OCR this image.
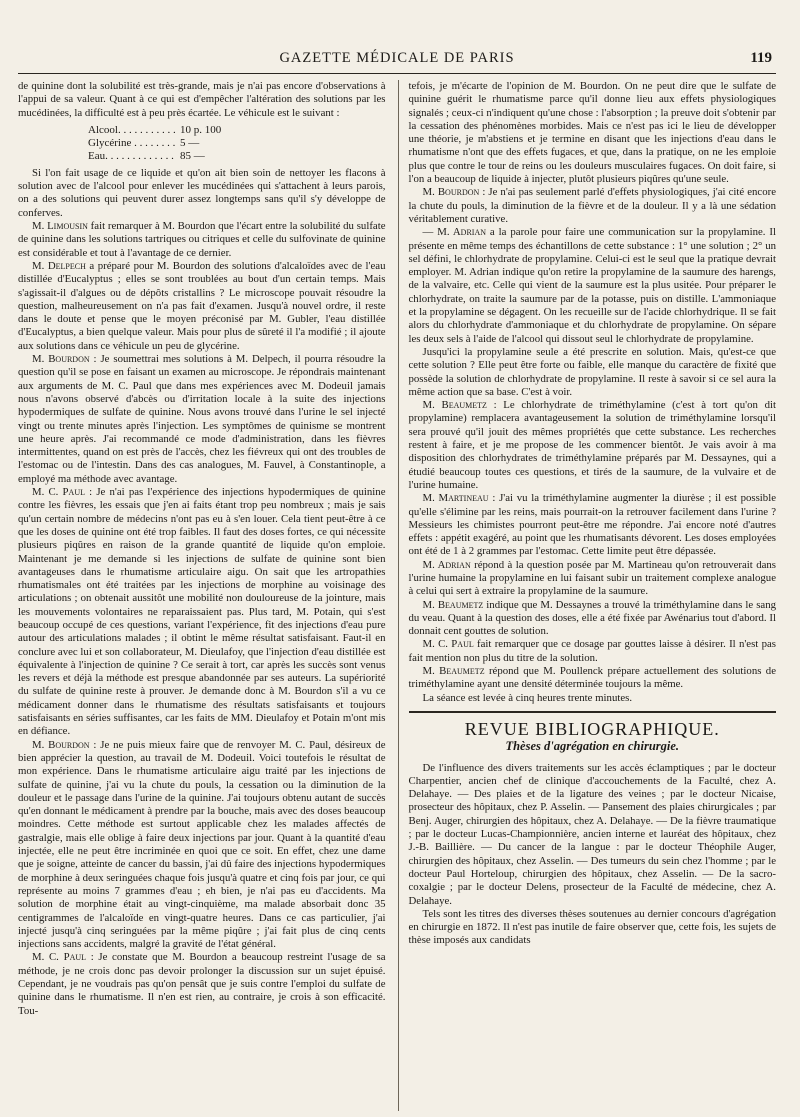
GAZETTE MÉDICALE DE PARIS	119

de quinine dont la solubilité est très-grande, mais je n'ai pas encore d'observations à l'appui de sa valeur. Quant à ce qui est d'empêcher l'altération des solutions par les mucédinées, la difficulté est à peu près écartée. Le véhicule est le suivant :

Alcool. . . . . . . . . . . 10 p. 100
Glycérine . . . . . . . . 5 —
Eau. . . . . . . . . . . . . 85 —

Si l'on fait usage de ce liquide et qu'on ait bien soin de nettoyer les flacons à solution avec de l'alcool pour enlever les mucédinées qui s'attachent à leurs parois, on a des solutions qui peuvent durer assez longtemps sans qu'il s'y développe de conferves.

M. Limousin fait remarquer à M. Bourdon que l'écart entre la solubilité du sulfate de quinine dans les solutions tartriques ou citriques et celle du sulfovinate de quinine est considérable et tout à l'avantage de ce dernier.

M. Delpech a préparé pour M. Bourdon des solutions d'alcaloïdes avec de l'eau distillée d'Eucalyptus ; elles se sont troublées au bout d'un certain temps. Mais s'agissait-il d'algues ou de dépôts cristallins ? Le microscope pouvait résoudre la question, malheureusement on n'a pas fait d'examen. Jusqu'à nouvel ordre, il reste dans le doute et pense que le moyen préconisé par M. Gubler, l'eau distillée d'Eucalyptus, a bien quelque valeur. Mais pour plus de sûreté il l'a modifié ; il ajoute aux solutions dans ce véhicule un peu de glycérine.

M. Bourdon : Je soumettrai mes solutions à M. Delpech, il pourra résoudre la question qu'il se pose en faisant un examen au microscope. Je répondrais maintenant aux arguments de M. C. Paul que dans mes expériences avec M. Dodeuil jamais nous n'avons observé d'abcès ou d'irritation locale à la suite des injections hypodermiques de sulfate de quinine. Nous avons trouvé dans l'urine le sel injecté vingt ou trente minutes après l'injection. Les symptômes de quinisme se montrent une heure après. J'ai recommandé ce mode d'administration, dans les fièvres intermittentes, quand on est près de l'accès, chez les fiévreux qui ont des troubles de l'estomac ou de l'intestin. Dans des cas analogues, M. Fauvel, à Constantinople, a employé ma méthode avec avantage.

M. C. Paul : Je n'ai pas l'expérience des injections hypodermiques de quinine contre les fièvres, les essais que j'en ai faits étant trop peu nombreux ; mais je sais qu'un certain nombre de médecins n'ont pas eu à s'en louer. Cela tient peut-être à ce que les doses de quinine ont été trop faibles. Il faut des doses fortes, ce qui nécessite plusieurs piqûres en raison de la grande quantité de liquide qu'on emploie. Maintenant je me demande si les injections de sulfate de quinine sont bien avantageuses dans le rhumatisme articulaire aigu. On sait que les artropathies rhumatismales ont été traitées par les injections de morphine au voisinage des articulations ; on obtenait aussitôt une mobilité non douloureuse de la jointure, mais les mouvements volontaires ne reparaissaient pas. Plus tard, M. Potain, qui s'est beaucoup occupé de ces questions, variant l'expérience, fit des injections d'eau pure autour des articulations malades ; il obtint le même résultat satisfaisant. Faut-il en conclure avec lui et son collaborateur, M. Dieulafoy, que l'injection d'eau distillée est équivalente à l'injection de quinine ? Ce serait à tort, car après les succès sont venus les revers et déjà la méthode est presque abandonnée par ses auteurs. La supériorité du sulfate de quinine reste à prouver. Je demande donc à M. Bourdon s'il a vu ce médicament donner dans le rhumatisme des résultats satisfaisants et toujours satisfaisants en séries suffisantes, car les faits de MM. Dieulafoy et Potain m'ont mis en défiance.

M. Bourdon : Je ne puis mieux faire que de renvoyer M. C. Paul, désireux de bien apprécier la question, au travail de M. Dodeuil. Voici toutefois le résultat de mon expérience. Dans le rhumatisme articulaire aigu traité par les injections de sulfate de quinine, j'ai vu la chute du pouls, la cessation ou la diminution de la douleur et le passage dans l'urine de la quinine. J'ai toujours obtenu autant de succès qu'en donnant le médicament à prendre par la bouche, mais avec des doses beaucoup moindres. Cette méthode est surtout applicable chez les malades affectés de gastralgie, mais elle oblige à faire deux injections par jour. Quant à la quantité d'eau injectée, elle ne peut être incriminée en quoi que ce soit. En effet, chez une dame que je soigne, atteinte de cancer du bassin, j'ai dû faire des injections hypodermiques de morphine à deux seringuées chaque fois jusqu'à quatre et cinq fois par jour, ce qui représente au moins 7 grammes d'eau ; eh bien, je n'ai pas eu d'accidents. Ma solution de morphine était au vingt-cinquième, ma malade absorbait donc 35 centigrammes de l'alcaloïde en vingt-quatre heures. Dans ce cas particulier, j'ai injecté jusqu'à cinq seringuées par la même piqûre ; j'ai fait plus de cinq cents injections sans accidents, malgré la gravité de l'état général.

M. C. Paul : Je constate que M. Bourdon a beaucoup restreint l'usage de sa méthode, je ne crois donc pas devoir prolonger la discussion sur un sujet épuisé. Cependant, je ne voudrais pas qu'on pensât que je suis contre l'emploi du sulfate de quinine dans le rhumatisme. Il n'en est rien, au contraire, je crois à son efficacité. Tou-

tefois, je m'écarte de l'opinion de M. Bourdon. On ne peut dire que le sulfate de quinine guérit le rhumatisme parce qu'il donne lieu aux effets physiologiques signalés ; ceux-ci n'indiquent qu'une chose : l'absorption ; la preuve doit s'obtenir par la cessation des phénomènes morbides. Mais ce n'est pas ici le lieu de développer une théorie, je m'abstiens et je termine en disant que les injections d'eau dans le rhumatisme n'ont que des effets fugaces, et que, dans la pratique, on ne les emploie plus que contre le tour de reins ou les douleurs musculaires fugaces. On doit faire, si l'on a beaucoup de liquide à injecter, plutôt plusieurs piqûres qu'une seule.

M. Bourdon : Je n'ai pas seulement parlé d'effets physiologiques, j'ai cité encore la chute du pouls, la diminution de la fièvre et de la douleur. Il y a là une sédation véritablement curative.

— M. Adrian a la parole pour faire une communication sur la propylamine. Il présente en même temps des échantillons de cette substance : 1° une solution ; 2° un sel défini, le chlorhydrate de propylamine. Celui-ci est le seul que la pratique devrait employer. M. Adrian indique qu'on retire la propylamine de la saumure des harengs, de la valvaire, etc. Celle qui vient de la saumure est la plus usitée. Pour préparer le chlorhydrate, on traite la saumure par de la potasse, puis on distille. L'ammoniaque et la propylamine se dégagent. On les recueille sur de l'acide chlorhydrique. Il se fait alors du chlorhydrate d'ammoniaque et du chlorhydrate de propylamine. On sépare les deux sels à l'aide de l'alcool qui dissout seul le chlorhydrate de propylamine.

Jusqu'ici la propylamine seule a été prescrite en solution. Mais, qu'est-ce que cette solution ? Elle peut être forte ou faible, elle manque du caractère de fixité que possède la solution de chlorhydrate de propylamine. Il reste à savoir si ce sel aura la même action que sa base. C'est à voir.

M. Beaumetz : Le chlorhydrate de triméthylamine (c'est à tort qu'on dit propylamine) remplacera avantageusement la solution de triméthylamine lorsqu'il sera prouvé qu'il jouit des mêmes propriétés que cette substance. Les recherches restent à faire, et je me propose de les commencer bientôt. Je vais avoir à ma disposition des chlorhydrates de triméthylamine préparés par M. Dessaynes, qui a étudié beaucoup toutes ces questions, et tirés de la saumure, de la vulvaire et de l'urine humaine.

M. Martineau : J'ai vu la triméthylamine augmenter la diurèse ; il est possible qu'elle s'élimine par les reins, mais pourrait-on la retrouver facilement dans l'urine ? Messieurs les chimistes pourront peut-être me répondre. J'ai encore noté d'autres effets : appétit exagéré, au point que les rhumatisants dévorent. Les doses employées ont été de 1 à 2 grammes par l'estomac. Cette limite peut être dépassée.

M. Adrian répond à la question posée par M. Martineau qu'on retrouverait dans l'urine humaine la propylamine en lui faisant subir un traitement complexe analogue à celui qui sert à extraire la propylamine de la saumure.

M. Beaumetz indique que M. Dessaynes a trouvé la triméthylamine dans le sang du veau. Quant à la question des doses, elle a été fixée par Awénarius tout d'abord. Il donnait cent gouttes de solution.

M. C. Paul fait remarquer que ce dosage par gouttes laisse à désirer. Il n'est pas fait mention non plus du titre de la solution.

M. Beaumetz répond que M. Poullenck prépare actuellement des solutions de triméthylamine ayant une densité déterminée toujours la même.

La séance est levée à cinq heures trente minutes.

REVUE BIBLIOGRAPHIQUE.
Thèses d'agrégation en chirurgie.

De l'influence des divers traitements sur les accès éclamptiques ; par le docteur Charpentier, ancien chef de clinique d'accouchements de la Faculté, chez A. Delahaye. — Des plaies et de la ligature des veines ; par le docteur Nicaise, prosecteur des hôpitaux, chez P. Asselin. — Pansement des plaies chirurgicales ; par Benj. Auger, chirurgien des hôpitaux, chez A. Delahaye. — De la fièvre traumatique ; par le docteur Lucas-Championnière, ancien interne et lauréat des hôpitaux, chez J.-B. Baillière. — Du cancer de la langue : par le docteur Théophile Auger, chirurgien des hôpitaux, chez Asselin. — Des tumeurs du sein chez l'homme ; par le docteur Paul Horteloup, chirurgien des hôpitaux, chez Asselin. — De la sacro-coxalgie ; par le docteur Delens, prosecteur de la Faculté de médecine, chez A. Delahaye.

Tels sont les titres des diverses thèses soutenues au dernier concours d'agrégation en chirurgie en 1872. Il n'est pas inutile de faire observer que, cette fois, les sujets de thèse imposés aux candidats
